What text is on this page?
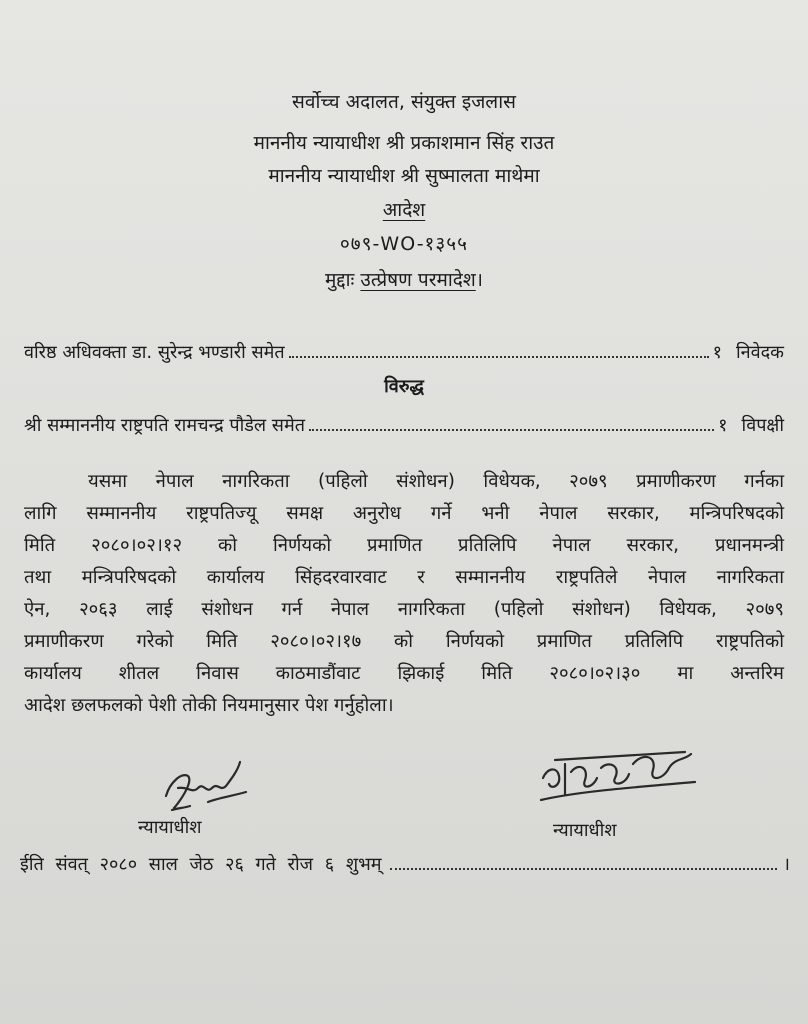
सर्वोच्च अदालत, संयुक्त इजलास
माननीय न्यायाधीश श्री प्रकाशमान सिंह राउत
माननीय न्यायाधीश श्री सुष्मालता माथेमा
आदेश
०७९-WO-१३५५
मुद्दाः उत्प्रेषण परमादेश।
वरिष्ठ अधिवक्ता डा. सुरेन्द्र भण्डारी समेत	१ निवेदक
विरुद्ध
श्री सम्माननीय राष्ट्रपति रामचन्द्र पौडेल समेत	१ विपक्षी
यसमा नेपाल नागरिकता (पहिलो संशोधन) विधेयक, २०७९ प्रमाणीकरण गर्नका
लागि सम्माननीय राष्ट्रपतिज्यू समक्ष अनुरोध गर्ने भनी नेपाल सरकार, मन्त्रिपरिषदको
मिति २०८०।०२।१२ को निर्णयको प्रमाणित प्रतिलिपि नेपाल सरकार, प्रधानमन्त्री
तथा मन्त्रिपरिषदको कार्यालय सिंहदरवारवाट र सम्माननीय राष्ट्रपतिले नेपाल नागरिकता
ऐन, २०६३ लाई संशोधन गर्न नेपाल नागरिकता (पहिलो संशोधन) विधेयक, २०७९
प्रमाणीकरण गरेको मिति २०८०।०२।१७ को निर्णयको प्रमाणित प्रतिलिपि राष्ट्रपतिको
कार्यालय शीतल निवास काठमाडौंवाट झिकाई मिति २०८०।०२।३० मा अन्तरिम
आदेश छलफलको पेशी तोकी नियमानुसार पेश गर्नुहोला।
न्यायाधीश	न्यायाधीश
ईति संवत् २०८० साल जेठ २६ गते रोज ६ शुभम्	।
